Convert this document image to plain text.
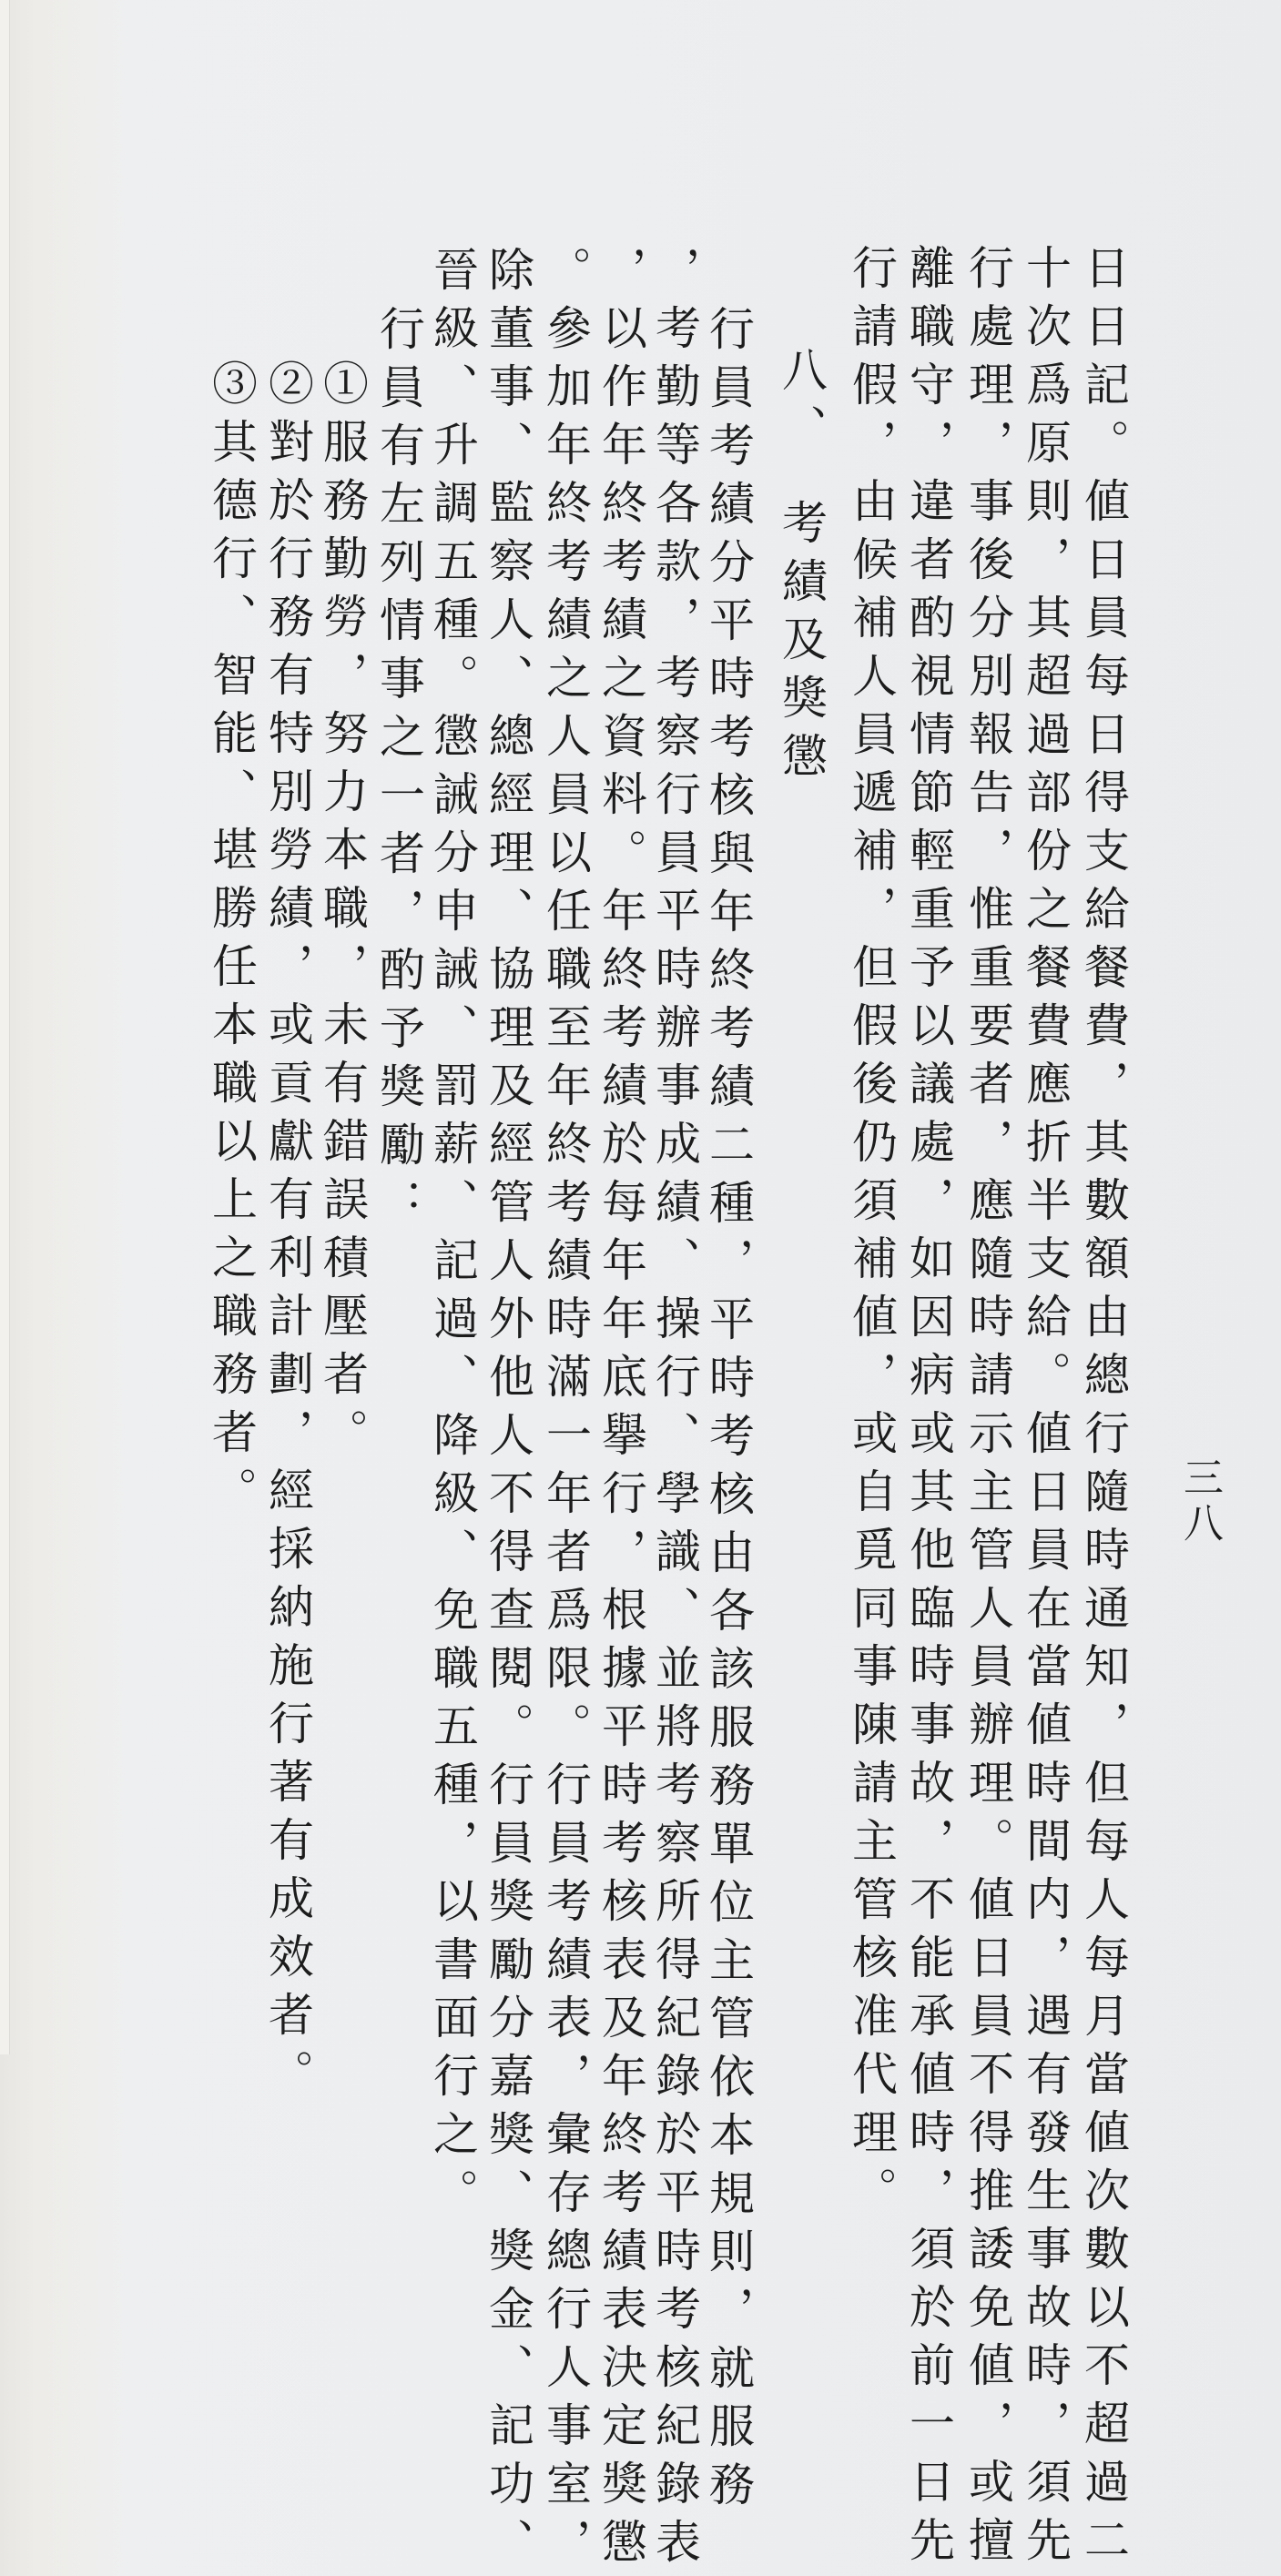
日日記。値日員每日得支給餐費，其數額由總行隨時通知，但每人每月當値次數以不超過二
十次爲原則，其超過部份之餐費應折半支給。値日員在當値時間内，遇有發生事故時，須先
行處理，事後分別報告，惟重要者，應隨時請示主管人員辦理。値日員不得推諉免値，或擅
離職守，違者酌視情節輕重予以議處，如因病或其他臨時事故，不能承値時，須於前一日先
行請假，由候補人員遞補，但假後仍須補値，或自覓同事陳請主管核准代理。
八、考績及獎懲
行員考績分平時考核與年終考績二種，平時考核由各該服務單位主管依本規則，就服務
，考勤等各款，考察行員平時辦事成績、操行、學識、並將考察所得紀錄於平時考核紀錄表
，以作年終考績之資料。年終考績於每年年底擧行，根據平時考核表及年終考績表決定獎懲
。參加年終考績之人員以任職至年終考績時滿一年者爲限。行員考績表，彙存總行人事室，
除董事、監察人、總經理、協理及經管人外他人不得查閱。行員獎勵分嘉獎、獎金、記功、
晉級、升調五種。懲誡分申誡、罰薪、記過、降級、免職五種，以書面行之。
行員有左列情事之一者，酌予獎勵：
①服務勤勞，努力本職，未有錯誤積壓者。
②對於行務有特別勞績，或貢獻有利計劃，經採納施行著有成效者。
③其德行、智能、堪勝任本職以上之職務者。	三八
